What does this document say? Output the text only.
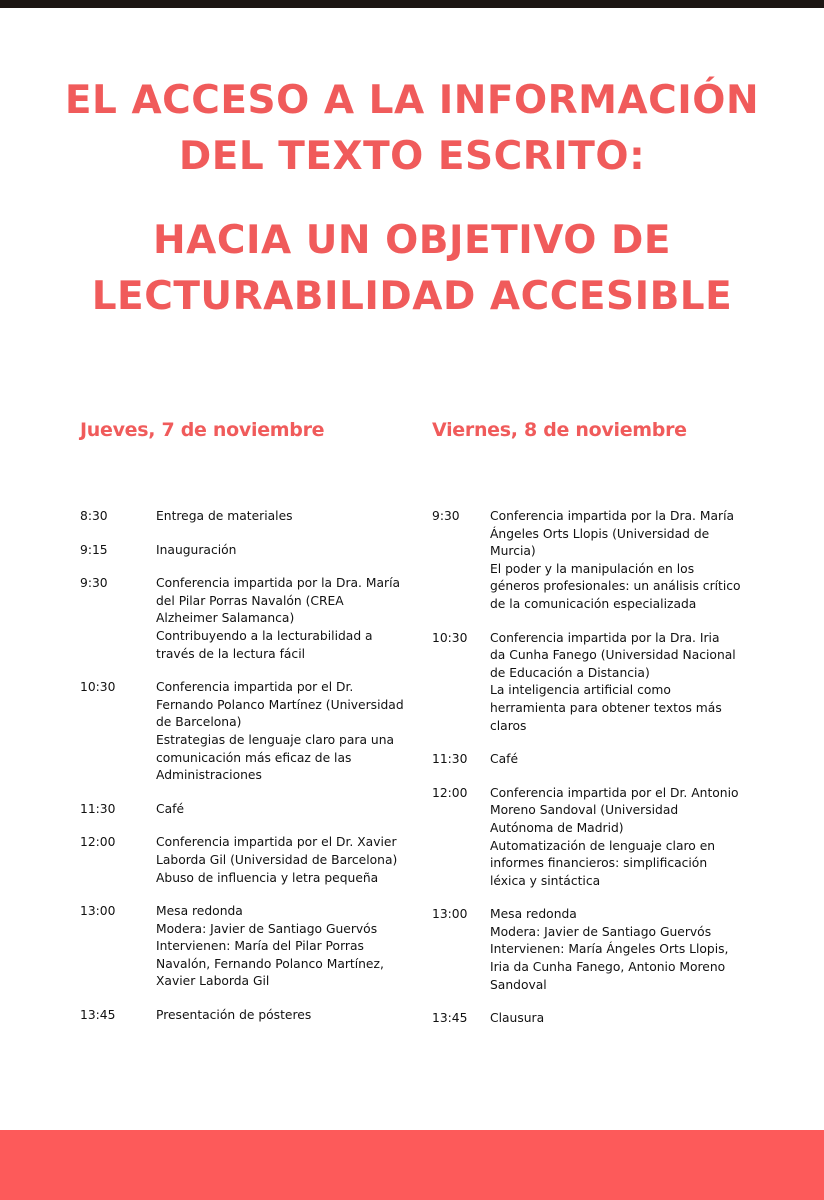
EL ACCESO A LA INFORMACIÓN
DEL TEXTO ESCRITO:
HACIA UN OBJETIVO DE
LECTURABILIDAD ACCESIBLE
Jueves, 7 de noviembre	Viernes, 8 de noviembre
8:30	Entrega de materiales
9:15	Inauguración
9:30	Conferencia impartida por la Dra. María
del Pilar Porras Navalón (CREA
Alzheimer Salamanca)
Contribuyendo a la lecturabilidad a
través de la lectura fácil
10:30	Conferencia impartida por el Dr.
Fernando Polanco Martínez (Universidad
de Barcelona)
Estrategias de lenguaje claro para una
comunicación más eficaz de las
Administraciones
11:30	Café
12:00	Conferencia impartida por el Dr. Xavier
Laborda Gil (Universidad de Barcelona)
Abuso de influencia y letra pequeña
13:00	Mesa redonda
Modera: Javier de Santiago Guervós
Intervienen: María del Pilar Porras
Navalón, Fernando Polanco Martínez,
Xavier Laborda Gil
13:45	Presentación de pósteres
9:30	Conferencia impartida por la Dra. María
Ángeles Orts Llopis (Universidad de
Murcia)
El poder y la manipulación en los
géneros profesionales: un análisis crítico
de la comunicación especializada
10:30	Conferencia impartida por la Dra. Iria
da Cunha Fanego (Universidad Nacional
de Educación a Distancia)
La inteligencia artificial como
herramienta para obtener textos más
claros
11:30	Café
12:00	Conferencia impartida por el Dr. Antonio
Moreno Sandoval (Universidad
Autónoma de Madrid)
Automatización de lenguaje claro en
informes financieros: simplificación
léxica y sintáctica
13:00	Mesa redonda
Modera: Javier de Santiago Guervós
Intervienen: María Ángeles Orts Llopis,
Iria da Cunha Fanego, Antonio Moreno
Sandoval
13:45	Clausura
